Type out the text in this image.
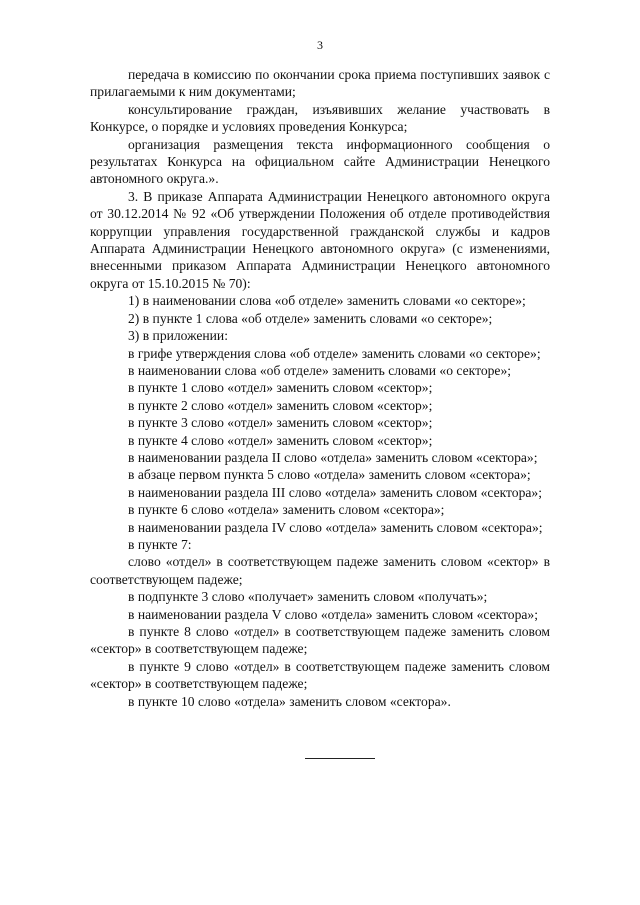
3

передача в комиссию по окончании срока приема поступивших заявок с прилагаемыми к ним документами;

консультирование граждан, изъявивших желание участвовать в Конкурсе, о порядке и условиях проведения Конкурса;

организация размещения текста информационного сообщения о результатах Конкурса на официальном сайте Администрации Ненецкого автономного округа.».

3. В приказе Аппарата Администрации Ненецкого автономного округа от 30.12.2014 № 92 «Об утверждении Положения об отделе противодействия коррупции управления государственной гражданской службы и кадров Аппарата Администрации Ненецкого автономного округа» (с изменениями, внесенными приказом Аппарата Администрации Ненецкого автономного округа от 15.10.2015 № 70):

1) в наименовании слова «об отделе» заменить словами «о секторе»;

2) в пункте 1 слова «об отделе» заменить словами «о секторе»;

3) в приложении:

в грифе утверждения слова «об отделе» заменить словами «о секторе»;

в наименовании слова «об отделе» заменить словами «о секторе»;

в пункте 1 слово «отдел» заменить словом «сектор»;

в пункте 2 слово «отдел» заменить словом «сектор»;

в пункте 3 слово «отдел» заменить словом «сектор»;

в пункте 4 слово «отдел» заменить словом «сектор»;

в наименовании раздела II слово «отдела» заменить словом «сектора»;

в абзаце первом пункта 5 слово «отдела» заменить словом «сектора»;

в наименовании раздела III слово «отдела» заменить словом «сектора»;

в пункте 6 слово «отдела» заменить словом «сектора»;

в наименовании раздела IV слово «отдела» заменить словом «сектора»;

в пункте 7:

слово «отдел» в соответствующем падеже заменить словом «сектор» в соответствующем падеже;

в подпункте 3 слово «получает» заменить словом «получать»;

в наименовании раздела V слово «отдела» заменить словом «сектора»;

в пункте 8 слово «отдел» в соответствующем падеже заменить словом «сектор» в соответствующем падеже;

в пункте 9 слово «отдел» в соответствующем падеже заменить словом «сектор» в соответствующем падеже;

в пункте 10 слово «отдела» заменить словом «сектора».
